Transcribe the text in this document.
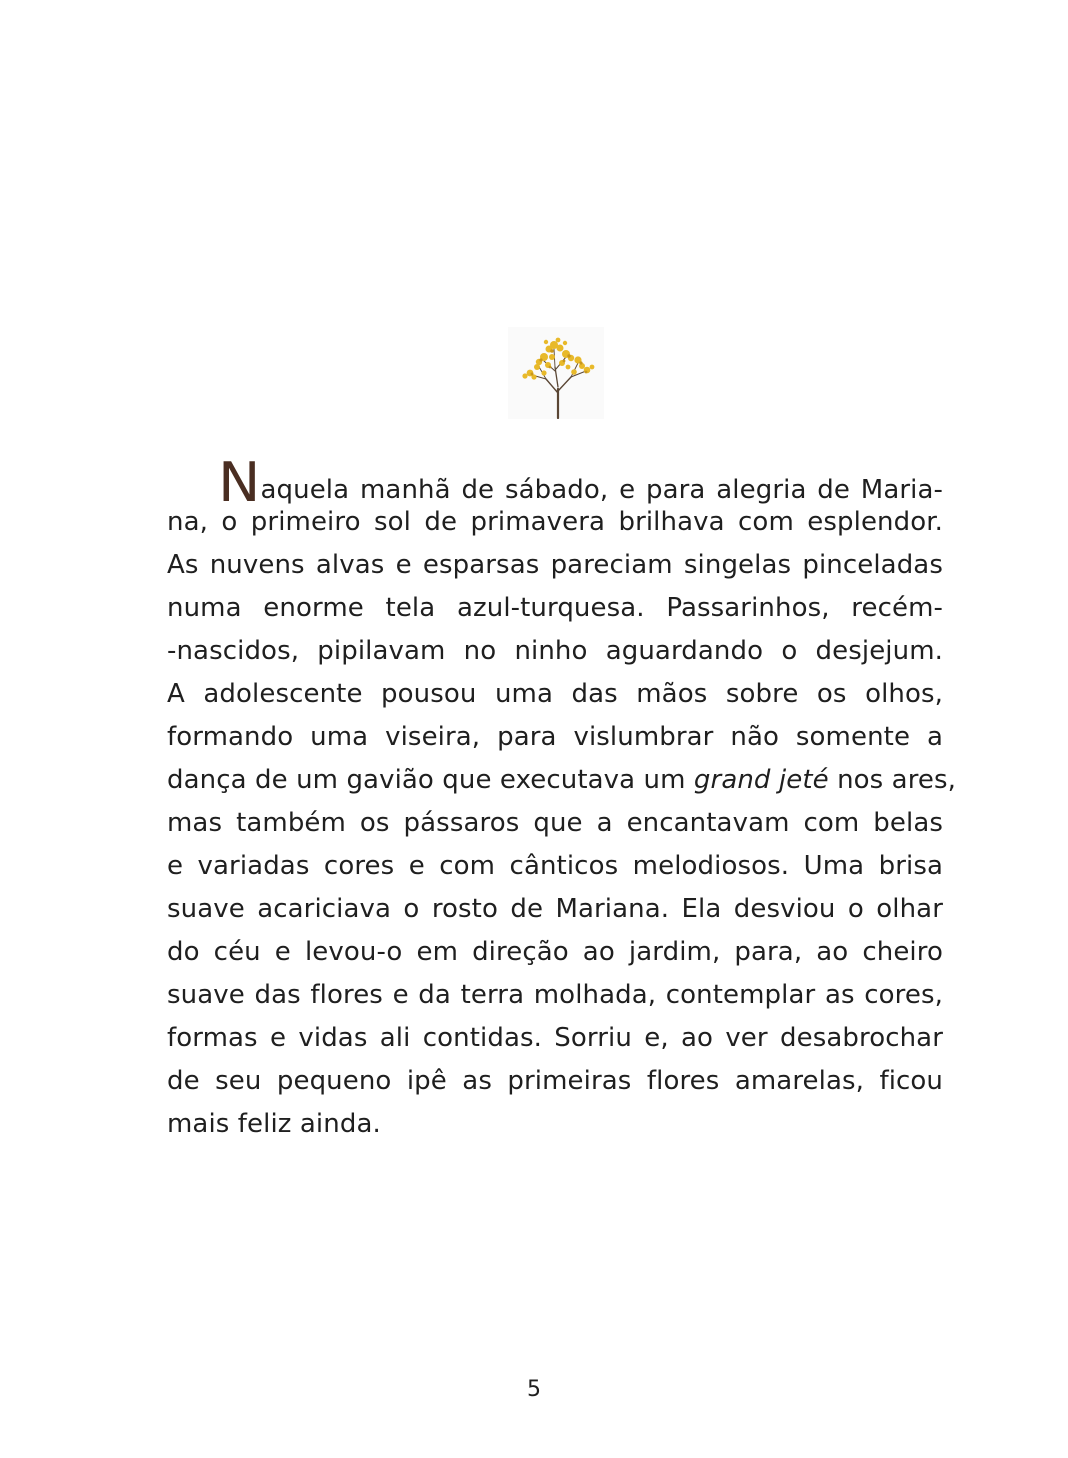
Naquela manhã de sábado, e para alegria de Maria-
na, o primeiro sol de primavera brilhava com esplendor.
As nuvens alvas e esparsas pareciam singelas pinceladas
numa enorme tela azul-turquesa. Passarinhos, recém-
-nascidos, pipilavam no ninho aguardando o desjejum.
A adolescente pousou uma das mãos sobre os olhos,
formando uma viseira, para vislumbrar não somente a
dança de um gavião que executava um grand jeté nos ares,
mas também os pássaros que a encantavam com belas
e variadas cores e com cânticos melodiosos. Uma brisa
suave acariciava o rosto de Mariana. Ela desviou o olhar
do céu e levou-o em direção ao jardim, para, ao cheiro
suave das flores e da terra molhada, contemplar as cores,
formas e vidas ali contidas. Sorriu e, ao ver desabrochar
de seu pequeno ipê as primeiras flores amarelas, ficou
mais feliz ainda.
5
